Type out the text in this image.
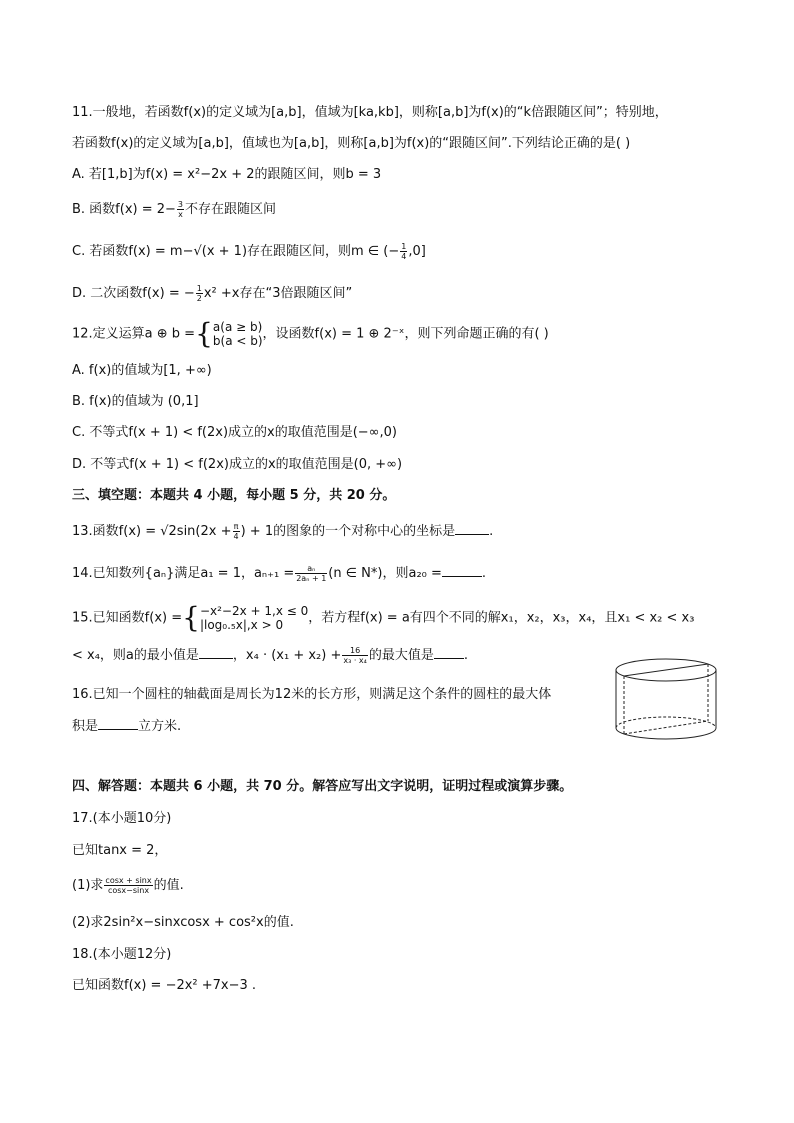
11.一般地，若函数f(x)的定义域为[a,b]，值域为[ka,kb]，则称[a,b]为f(x)的“k倍跟随区间”；特别地，
若函数f(x)的定义域为[a,b]，值域也为[a,b]，则称[a,b]为f(x)的“跟随区间”.下列结论正确的是( )
A. 若[1,b]为f(x) = x²−2x + 2的跟随区间，则b = 3
B. 函数$f(x) = 2- \frac{3}{x}$ 不存在跟随区间
C. 若函数f(x) = m−√(x + 1)存在跟随区间，则m ∈ (− $\frac{1}{4} ,0$]
D. 二次函数f(x) = − $\frac{1}{2} x^2 +x$存在“3倍跟随区间”
12.定义运算a ⊕ b ={ a(a ≥ b)
b(a < b) ，设函数f(x) = 1 ⊕ 2⁻ˣ，则下列命题正确的有( )
A. f(x)的值域为[1, +∞)
B. f(x)的值域为 (0,1]
C. 不等式f(x + 1) < f(2x)成立的x的取值范围是(−∞,0)
D. 不等式f(x + 1) < f(2x)成立的x的取值范围是(0, +∞)
三、填空题：本题共 4 小题，每小题 5 分，共 20 分。
13.函数$f(x) = √2\sin(2x + \frac{\pi}{4}$ ) + 1的图象的一个对称中心的坐标是	.
14.已知数列{aₙ}满足a₁ = 1，$a_{n+1} = \frac{\text{aₙ}}{\text{2aₙ + 1}} (n$ ∈ N*)，则a₂₀ =	.
15.已知函数f(x) ={ −x²−2x + 1,x ≤ 0
|log₀.₅x|,x > 0	，若方程f(x) = a有四个不同的解x₁，x₂，x₃，x₄，且x₁ < x₂ < x₃
< x₄，则a的最小值是	，$x_4 \cdot (x_1 + x_2) + \frac{16}{\text{x₃ · x₄}}$ 的最大值是 .
16.已知一个圆柱的轴截面是周长为12米的长方形，则满足这个条件的圆柱的最大体
积是	立方米.
四、解答题：本题共 6 小题，共 70 分。解答应写出文字说明，证明过程或演算步骤。
17.(本小题10分)
已知tanx = 2，
(1)求 $\frac{\cos x + \sin x}{\cos x-\sin x}$ 的值.
(2)求2sin²x−sinxcosx + cos²x的值.
18.(本小题12分)
已知函数f(x) = −2x² +7x−3 .
